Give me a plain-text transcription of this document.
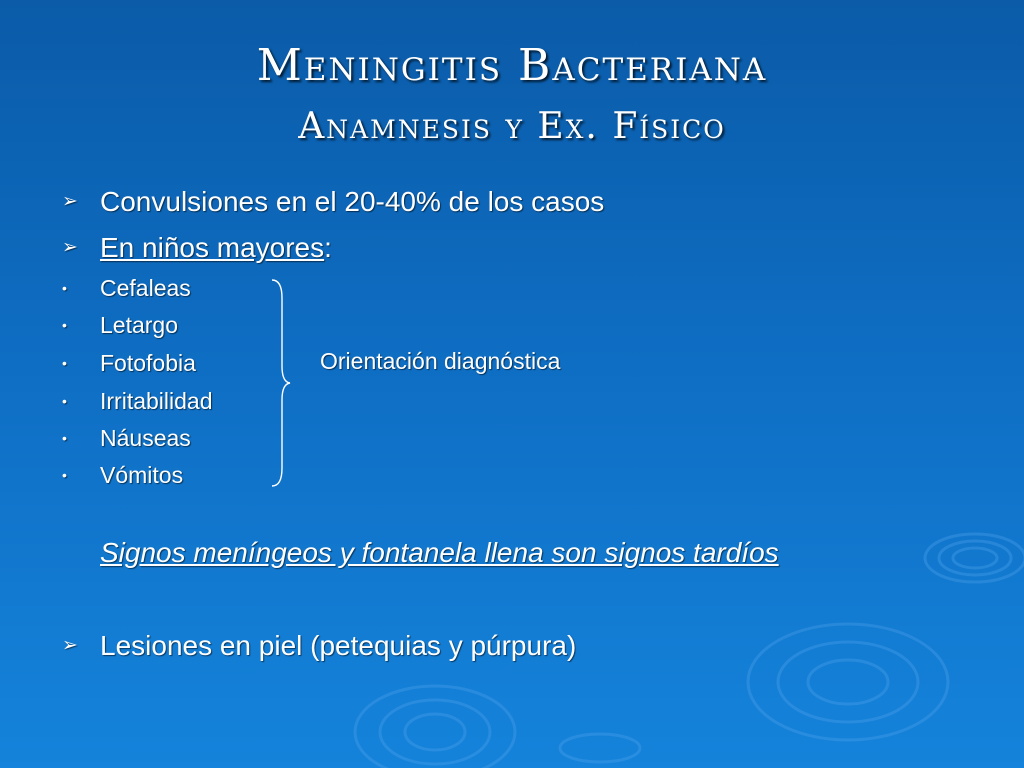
Meningitis Bacteriana
Anamnesis y Ex. Físico
➢ Convulsiones en el 20-40% de los casos
➢ En niños mayores:
• Cefaleas
• Letargo
• Fotofobia
• Irritabilidad
• Náuseas
• Vómitos
Orientación diagnóstica
Signos meníngeos y fontanela llena son signos tardíos
➢ Lesiones en piel (petequias y púrpura)
